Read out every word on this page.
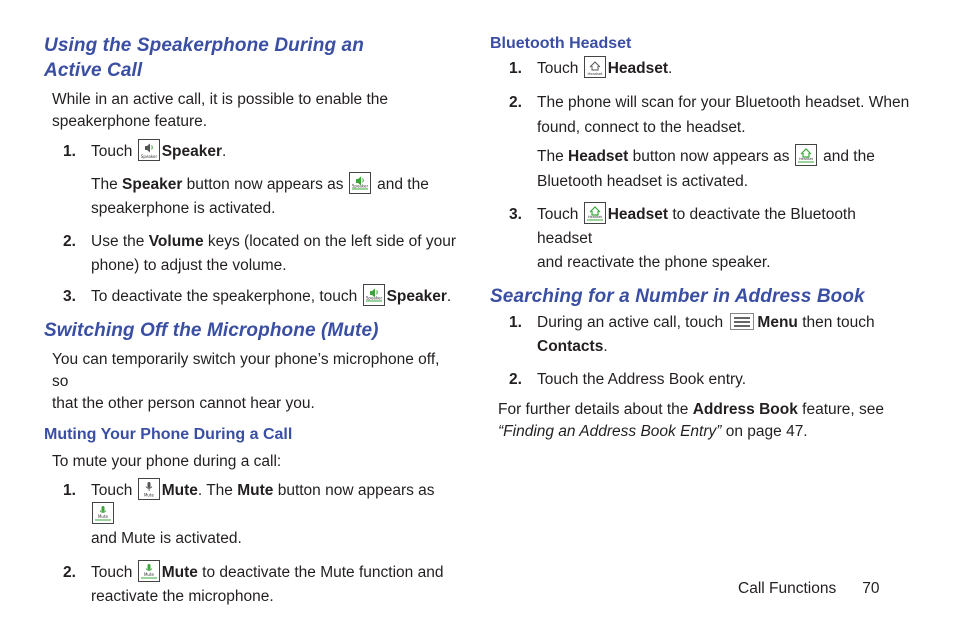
Using the Speakerphone During an
Active Call

While in an active call, it is possible to enable the
speakerphone feature.

1. Touch Speaker Speaker.
The Speaker button now appears as Speaker and the
speakerphone is activated.
2. Use the Volume keys (located on the left side of your
phone) to adjust the volume.
3. To deactivate the speakerphone, touch Speaker Speaker.
Switching Off the Microphone (Mute)

You can temporarily switch your phone’s microphone off, so
that the other person cannot hear you.

Muting Your Phone During a Call

To mute your phone during a call:

1. Touch	Mute Mute. The Mute button now appears as
Mute

and Mute is activated.
2. Touch	Mute Mute to deactivate the Mute function and
reactivate the microphone.
Bluetooth Headset
1. Touch Headset Headset.
2. The phone will scan for your Bluetooth headset. When
found, connect to the headset.
The Headset button now appears as	Headset and the
Bluetooth headset is activated.
3. Touch	Headset Headset to deactivate the Bluetooth headset
and reactivate the phone speaker.
Searching for a Number in Address Book
1. During an active call, touch Menu then touch
Contacts.
2. Touch the Address Book entry.

For further details about the Address Book feature, see
“Finding an Address Book Entry” on page 47.

Call Functions 70
